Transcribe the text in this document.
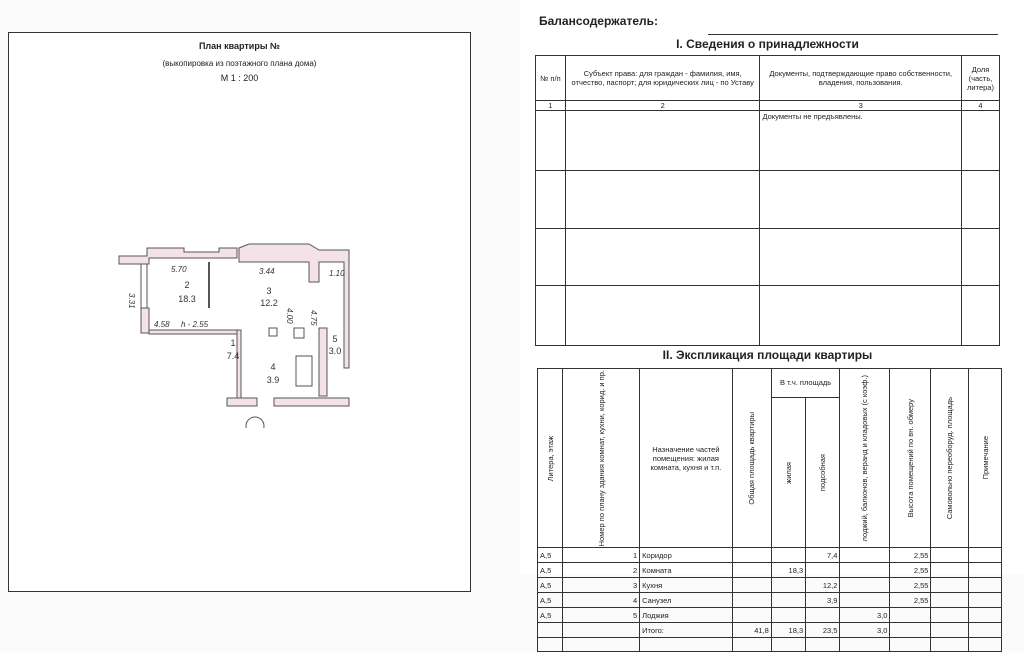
План квартиры №
(выкопировка из поэтажного плана дома)
М 1 : 200
5.70	3.44	1.10
3.31
4.00 4.75
4.58 h - 2.55
2
18.3
3
12.2
1
7.4
4
3.9
5
3.0
Балансодержатель:
I. Сведения о принадлежности
№ п/п	Субъект права: для граждан - фамилия, имя, отчество, паспорт; для юридических лиц - по Уставу	Документы, подтверждающие право собственности, владения, пользования.	Доля (часть, литера)
1	2	3	4
		Документы не предъявлены.	

II. Экспликация площади квартиры
Литера, этаж	Номер по плану здания комнат, кухни, корид. и пр.	Назначение частей помещения: жилая комната, кухня и т.п.	Общая площадь квартиры	В т.ч. площадь		лоджий, балконов, веранд и кладовых (с коэф.)	Высота помещений по вн. обмеру	Самовольно переоборуд. площадь	Примечание

				жилая	подсобная				

А,5	1	Коридор			7,4		2,55		
А,5	2	Комната		18,3			2,55		
А,5	3	Кухня			12,2		2,55		
А,5	4	Санузел			3,9		2,55		
А,5	5	Лоджия				3,0			
		Итого:	41,8	18,3	23,5	3,0			
